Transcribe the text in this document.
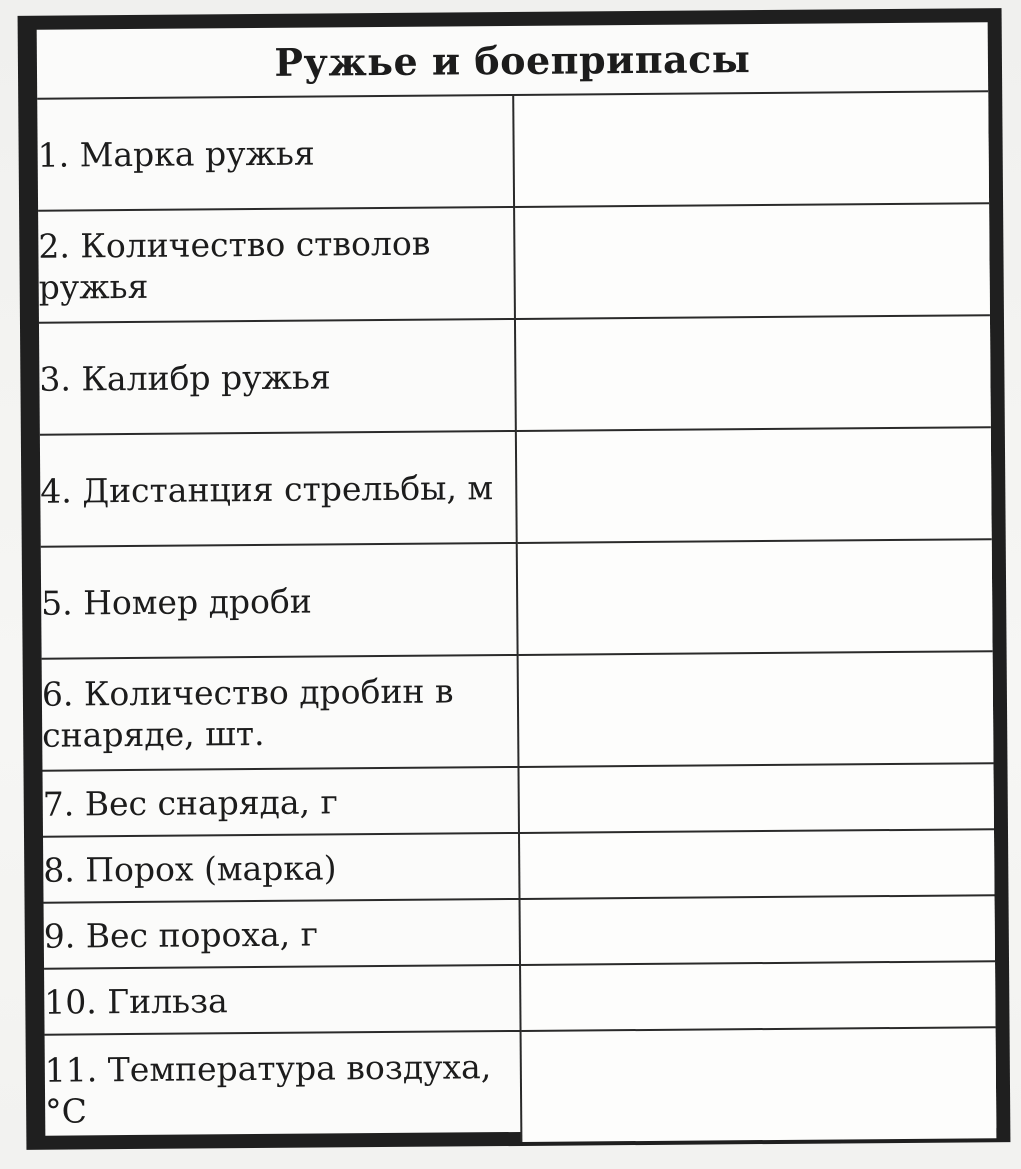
Ружье и боеприпасы	
1. Марка ружья	
2. Количество стволов ружья	
3. Калибр ружья	
4. Дистанция стрельбы, м	
5. Номер дроби	
6. Количество дробин в снаряде, шт.	
7. Вес снаряда, г	
8. Порох (марка)	
9. Вес пороха, г	
10. Гильза	
11. Температура воздуха, °С	
